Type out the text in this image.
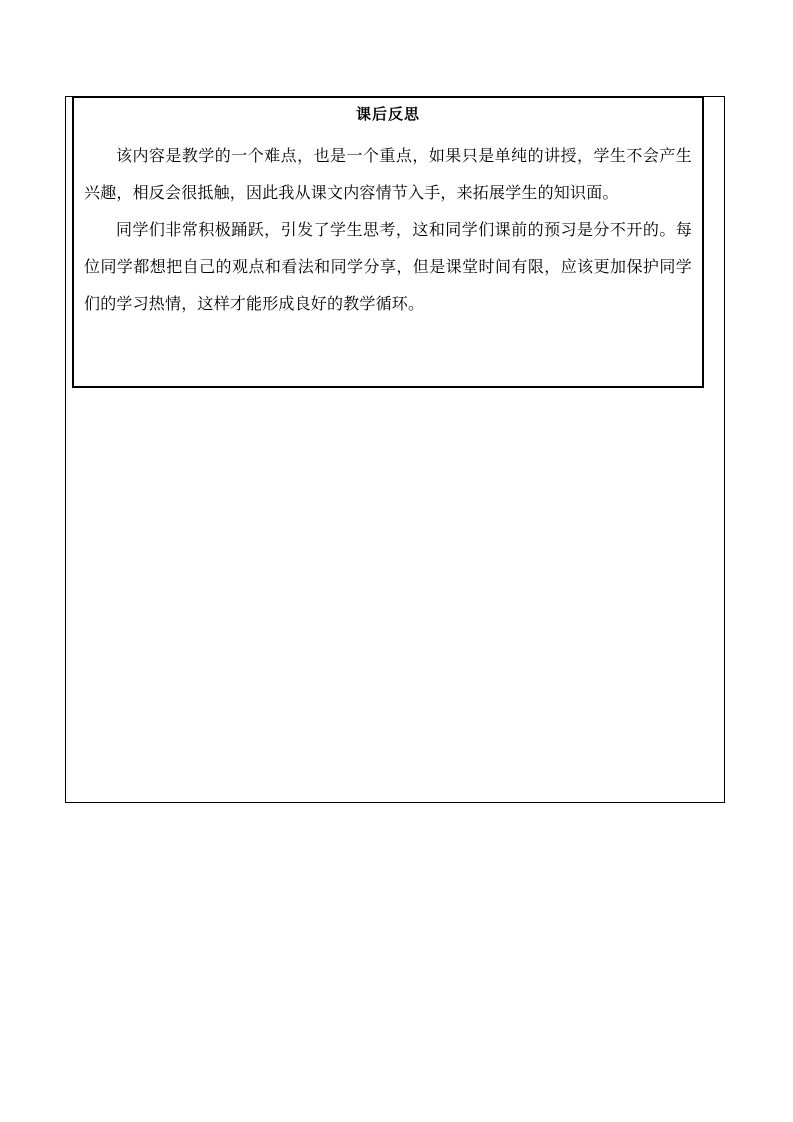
课后反思

该内容是教学的一个难点，也是一个重点，如果只是单纯的讲授，学生不会产生兴趣，相反会很抵触，因此我从课文内容情节入手，来拓展学生的知识面。

同学们非常积极踊跃，引发了学生思考，这和同学们课前的预习是分不开的。每位同学都想把自己的观点和看法和同学分享，但是课堂时间有限，应该更加保护同学们的学习热情，这样才能形成良好的教学循环。
